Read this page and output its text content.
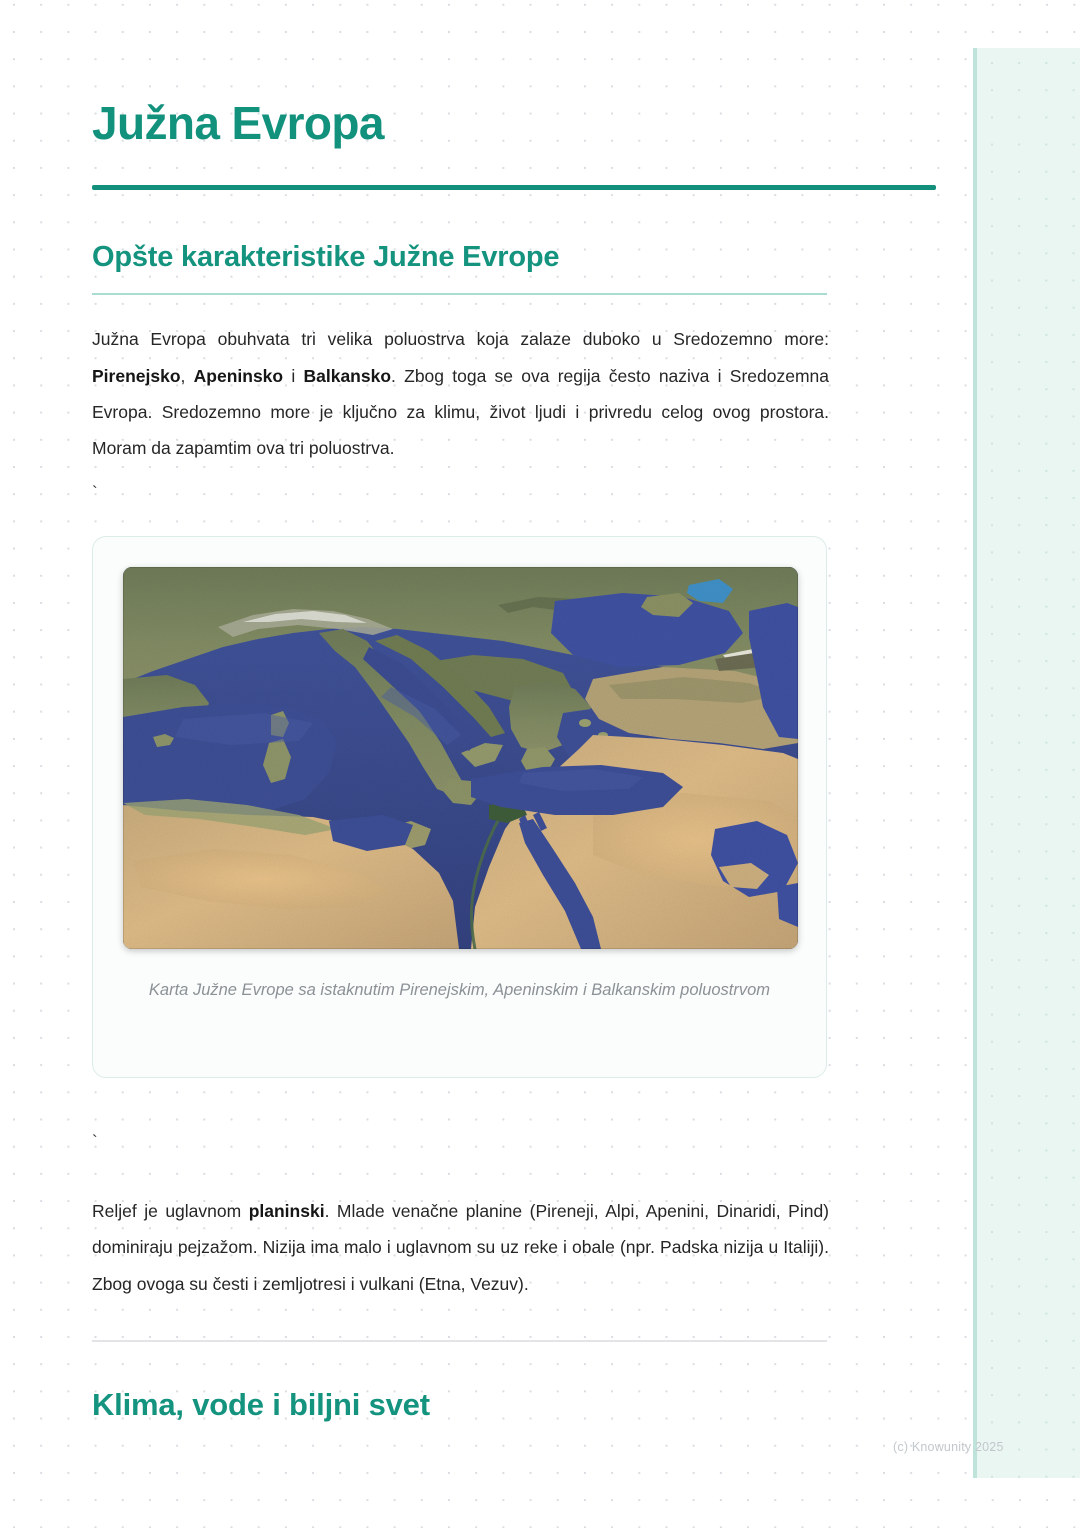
Južna Evropa
Opšte karakteristike Južne Evrope

Južna Evropa obuhvata tri velika poluostrva koja zalaze duboko u Sredozemno more: Pirenejsko, Apeninsko i Balkansko. Zbog toga se ova regija često naziva i Sredozemna Evropa. Sredozemno more je ključno za klimu, život ljudi i privredu celog ovog prostora. Moram da zapamtim ova tri poluostrva.

`
Karta Južne Evrope sa istaknutim Pirenejskim, Apeninskim i Balkanskim poluostrvom
`

Reljef je uglavnom planinski. Mlade venačne planine (Pireneji, Alpi, Apenini, Dinaridi, Pind) dominiraju pejzažom. Nizija ima malo i uglavnom su uz reke i obale (npr. Padska nizija u Italiji). Zbog ovoga su česti i zemljotresi i vulkani (Etna, Vezuv).

Klima, vode i biljni svet
(c) Knowunity 2025
